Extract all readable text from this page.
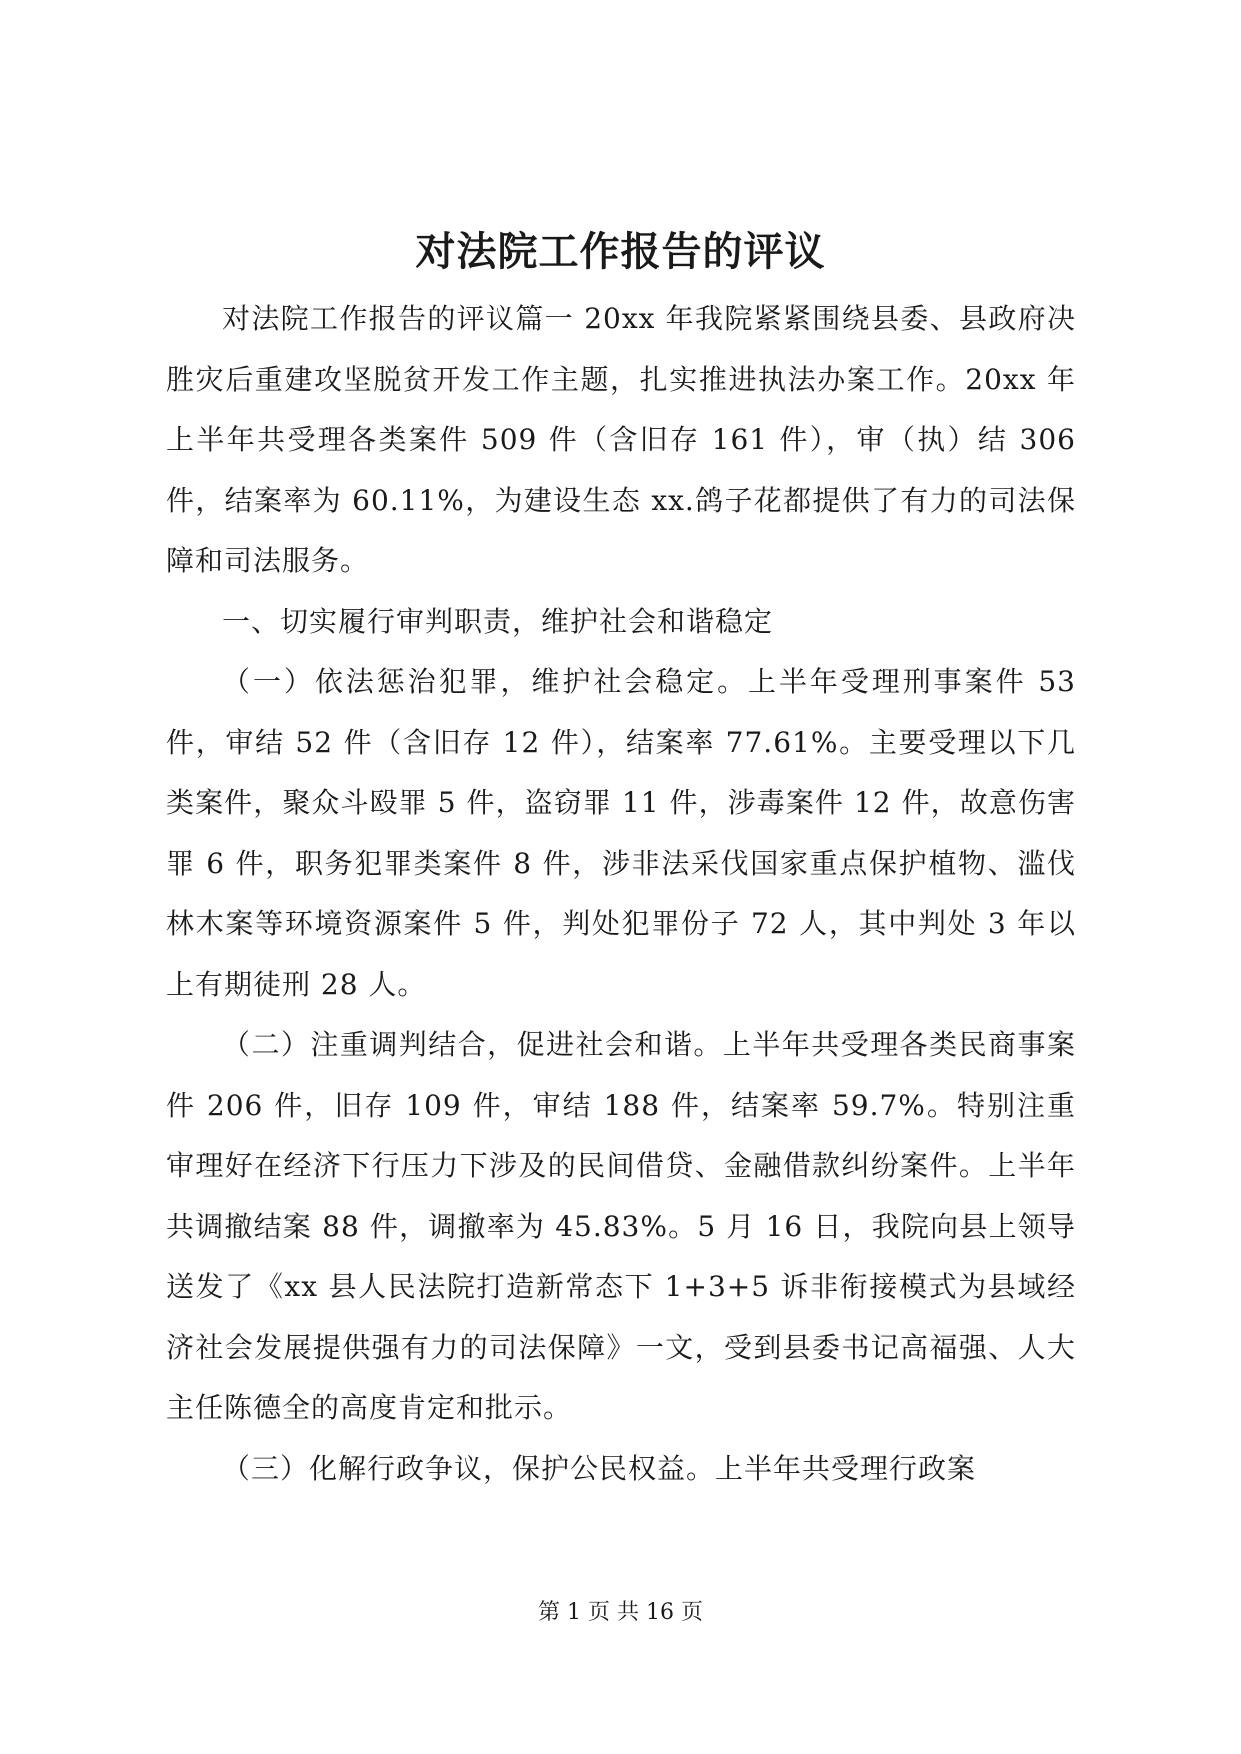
对法院工作报告的评议

对法院工作报告的评议篇一 20xx 年我院紧紧围绕县委、县政府决胜灾后重建攻坚脱贫开发工作主题，扎实推进执法办案工作。20xx 年上半年共受理各类案件 509 件（含旧存 161 件），审（执）结 306 件，结案率为 60.11%，为建设生态 xx.鸽子花都提供了有力的司法保障和司法服务。

一、切实履行审判职责，维护社会和谐稳定

（一）依法惩治犯罪，维护社会稳定。上半年受理刑事案件 53 件，审结 52 件（含旧存 12 件），结案率 77.61%。主要受理以下几类案件，聚众斗殴罪 5 件，盗窃罪 11 件，涉毒案件 12 件，故意伤害罪 6 件，职务犯罪类案件 8 件，涉非法采伐国家重点保护植物、滥伐林木案等环境资源案件 5 件，判处犯罪份子 72 人，其中判处 3 年以上有期徒刑 28 人。

（二）注重调判结合，促进社会和谐。上半年共受理各类民商事案件 206 件，旧存 109 件，审结 188 件，结案率 59.7%。特别注重审理好在经济下行压力下涉及的民间借贷、金融借款纠纷案件。上半年共调撤结案 88 件，调撤率为 45.83%。5 月 16 日，我院向县上领导送发了《xx 县人民法院打造新常态下 1+3+5 诉非衔接模式为县域经济社会发展提供强有力的司法保障》一文，受到县委书记高福强、人大主任陈德全的高度肯定和批示。

（三）化解行政争议，保护公民权益。上半年共受理行政案

第 1 页 共 16 页
